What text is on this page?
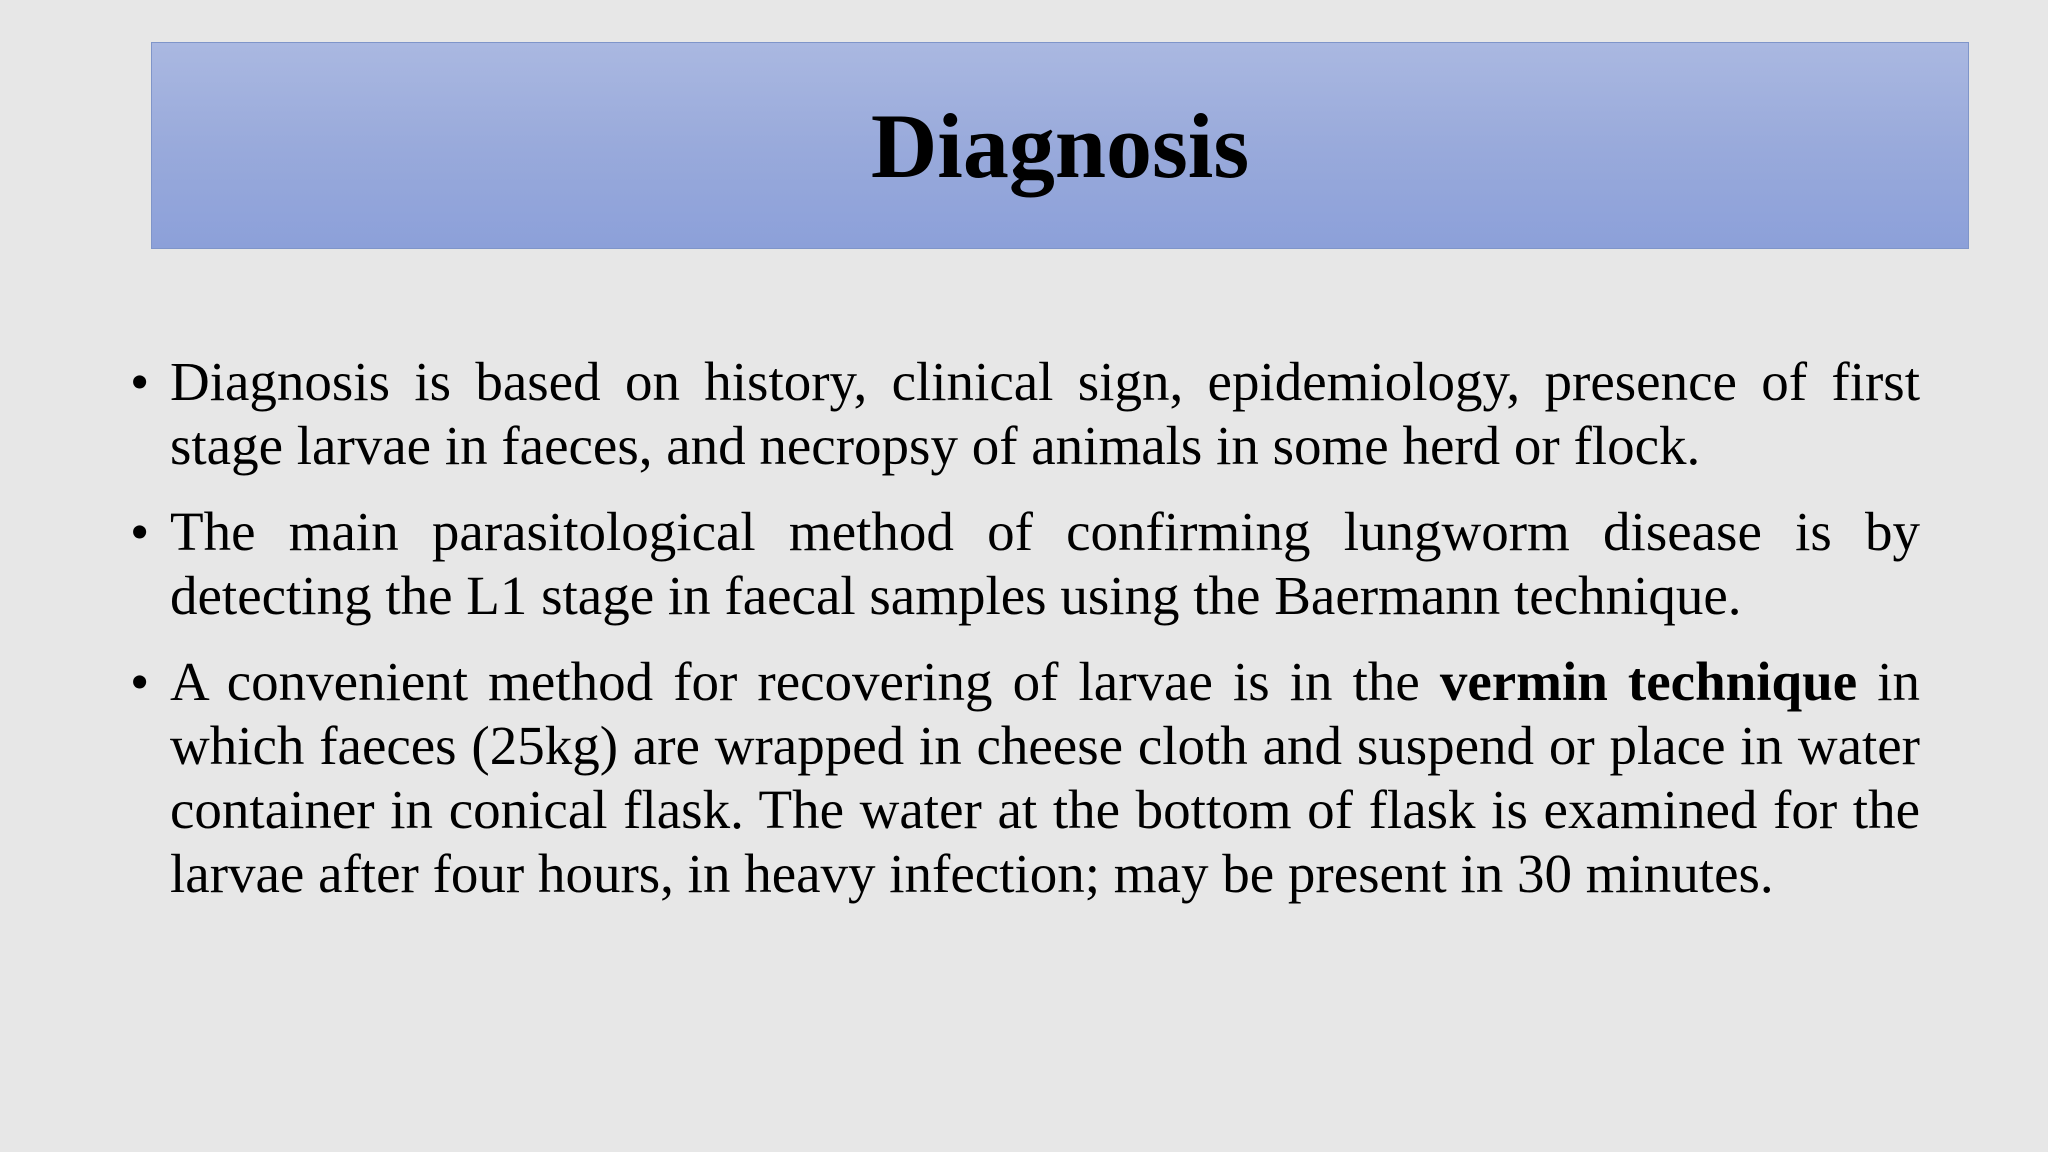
Diagnosis
• Diagnosis is based on history, clinical sign, epidemiology, presence of first stage larvae in faeces, and necropsy of animals in some herd or flock.
• The main parasitological method of confirming lungworm disease is by detecting the L1 stage in faecal samples using the Baermann technique.
• A convenient method for recovering of larvae is in the vermin technique in which faeces (25kg) are wrapped in cheese cloth and suspend or place in water container in conical flask. The water at the bottom of flask is examined for the larvae after four hours, in heavy infection; may be present in 30 minutes.
